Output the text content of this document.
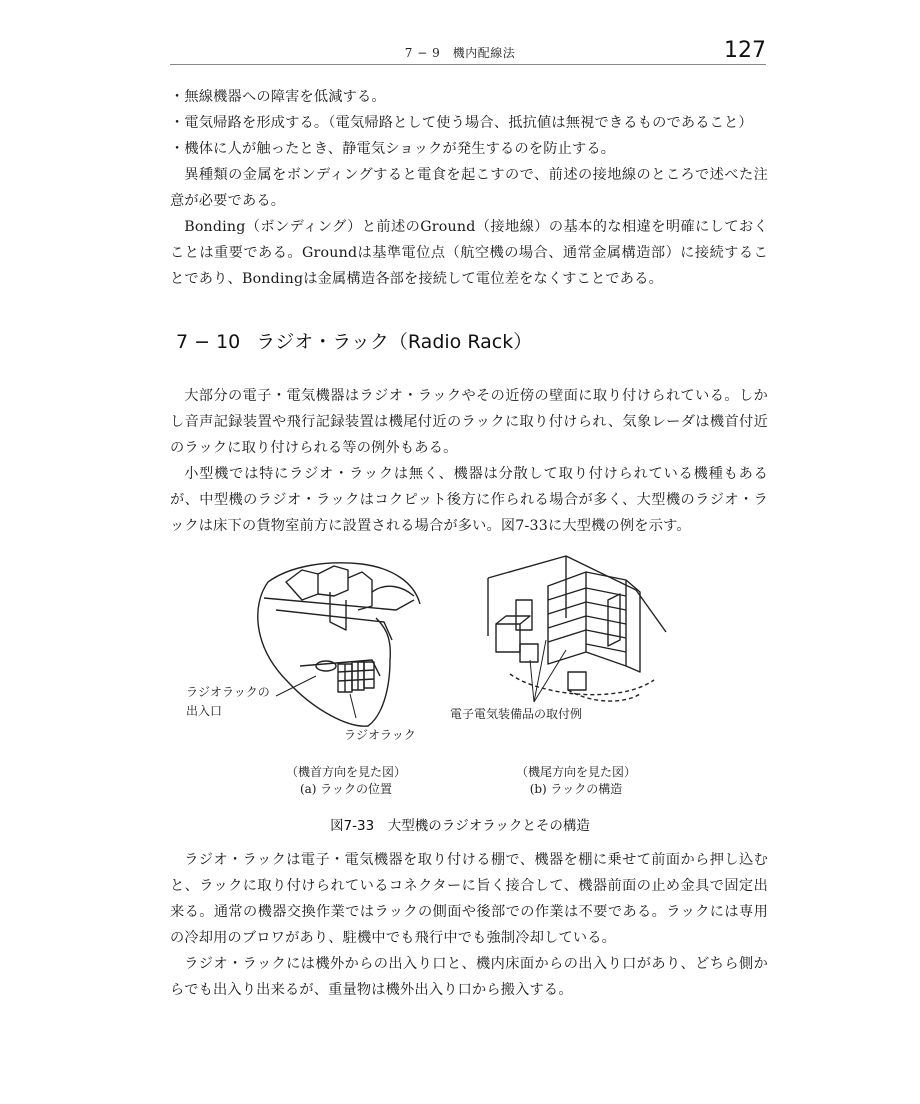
7 − 9　機内配線法	127

・無線機器への障害を低減する。

・電気帰路を形成する。（電気帰路として使う場合、抵抗値は無視できるものであること）

・機体に人が触ったとき、静電気ショックが発生するのを防止する。

異種類の金属をボンディングすると電食を起こすので、前述の接地線のところで述べた注意が必要である。

Bonding（ボンディング）と前述のGround（接地線）の基本的な相違を明確にしておくことは重要である。Groundは基準電位点（航空機の場合、通常金属構造部）に接続することであり、Bondingは金属構造各部を接続して電位差をなくすことである。

7 − 10 ラジオ・ラック（Radio Rack）

大部分の電子・電気機器はラジオ・ラックやその近傍の壁面に取り付けられている。しかし音声記録装置や飛行記録装置は機尾付近のラックに取り付けられ、気象レーダは機首付近のラックに取り付けられる等の例外もある。

小型機では特にラジオ・ラックは無く、機器は分散して取り付けられている機種もあるが、中型機のラジオ・ラックはコクピット後方に作られる場合が多く、大型機のラジオ・ラックは床下の貨物室前方に設置される場合が多い。図7-33に大型機の例を示す。

ラジオラックの
出入口
ラジオラック
電子電気装備品の取付例
（機首方向を見た図）
(a) ラックの位置
（機尾方向を見た図）
(b) ラックの構造
図7-33　大型機のラジオラックとその構造

ラジオ・ラックは電子・電気機器を取り付ける棚で、機器を棚に乗せて前面から押し込むと、ラックに取り付けられているコネクターに旨く接合して、機器前面の止め金具で固定出来る。通常の機器交換作業ではラックの側面や後部での作業は不要である。ラックには専用の冷却用のブロワがあり、駐機中でも飛行中でも強制冷却している。

ラジオ・ラックには機外からの出入り口と、機内床面からの出入り口があり、どちら側からでも出入り出来るが、重量物は機外出入り口から搬入する。
